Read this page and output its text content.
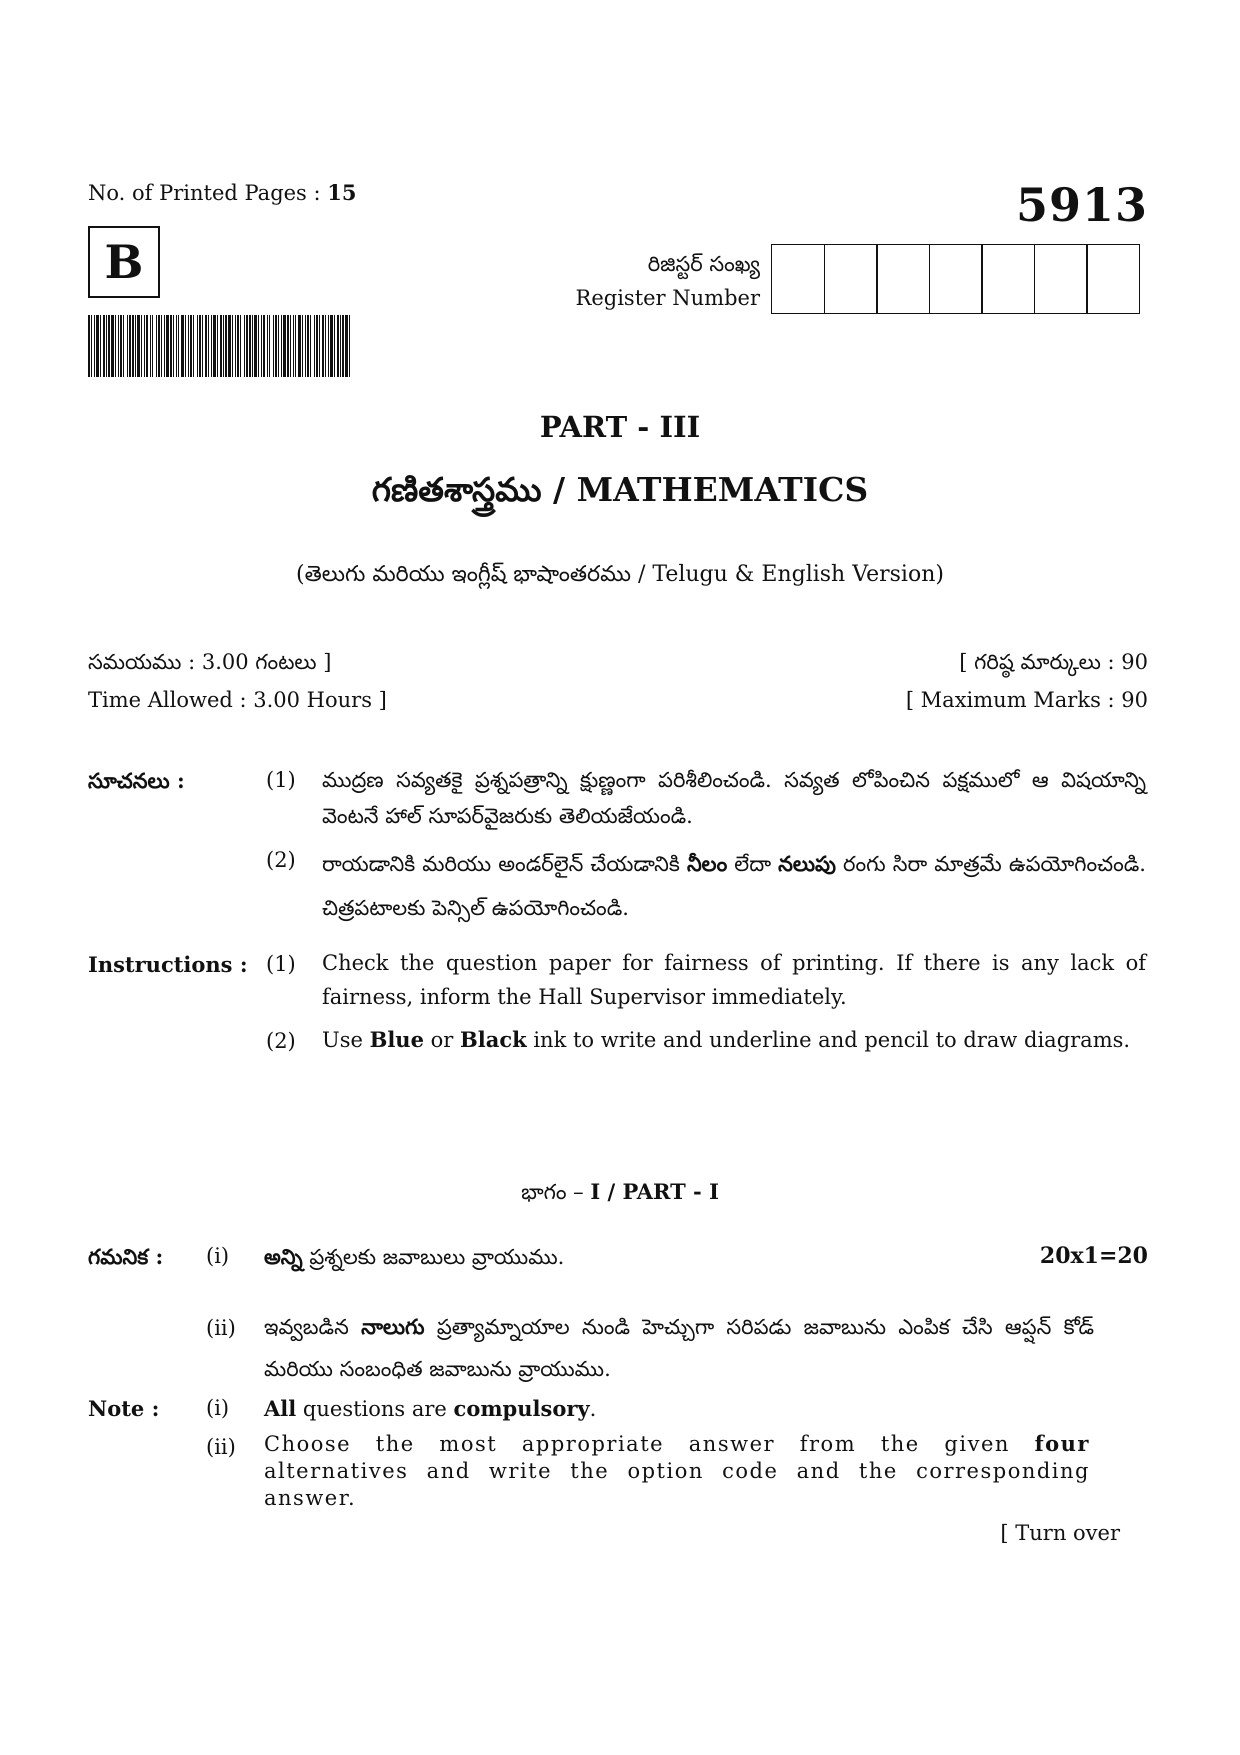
No. of Printed Pages : 15	5913
B	రిజిస్టర్ సంఖ్య
Register Number
PART - III
గణితశాస్త్రము / MATHEMATICS
(తెలుగు మరియు ఇంగ్లీష్ భాషాంతరము / Telugu & English Version)
సమయము : 3.00 గంటలు ]
Time Allowed : 3.00 Hours ]
[ గరిష్ఠ మార్కులు : 90
[ Maximum Marks : 90
సూచనలు :	(1) ముద్రణ సవ్యతకై ప్రశ్నపత్రాన్ని క్షుణ్ణంగా పరిశీలించండి. సవ్యత లోపించిన పక్షములో ఆ విషయాన్ని వెంటనే హాల్ సూపర్‌వైజరుకు తెలియజేయండి.
(2) రాయడానికి మరియు అండర్‌లైన్ చేయడానికి నీలం లేదా నలుపు రంగు సిరా మాత్రమే ఉపయోగించండి. చిత్రపటాలకు పెన్సిల్ ఉపయోగించండి.
Instructions : (1) Check the question paper for fairness of printing. If there is any lack of fairness, inform the Hall Supervisor immediately.
(2) Use Blue or Black ink to write and underline and pencil to draw diagrams.
భాగం – I / PART - I
గమనిక : (i) అన్ని ప్రశ్నలకు జవాబులు వ్రాయుము.	20x1=20
(ii) ఇవ్వబడిన నాలుగు ప్రత్యామ్నాయాల నుండి హెచ్చుగా సరిపడు జవాబును ఎంపిక చేసి ఆప్షన్ కోడ్ మరియు సంబంధిత జవాబును వ్రాయుము.
Note : (i) All questions are compulsory.
(ii) Choose the most appropriate answer from the given four alternatives and write the option code and the corresponding answer.
[ Turn over
